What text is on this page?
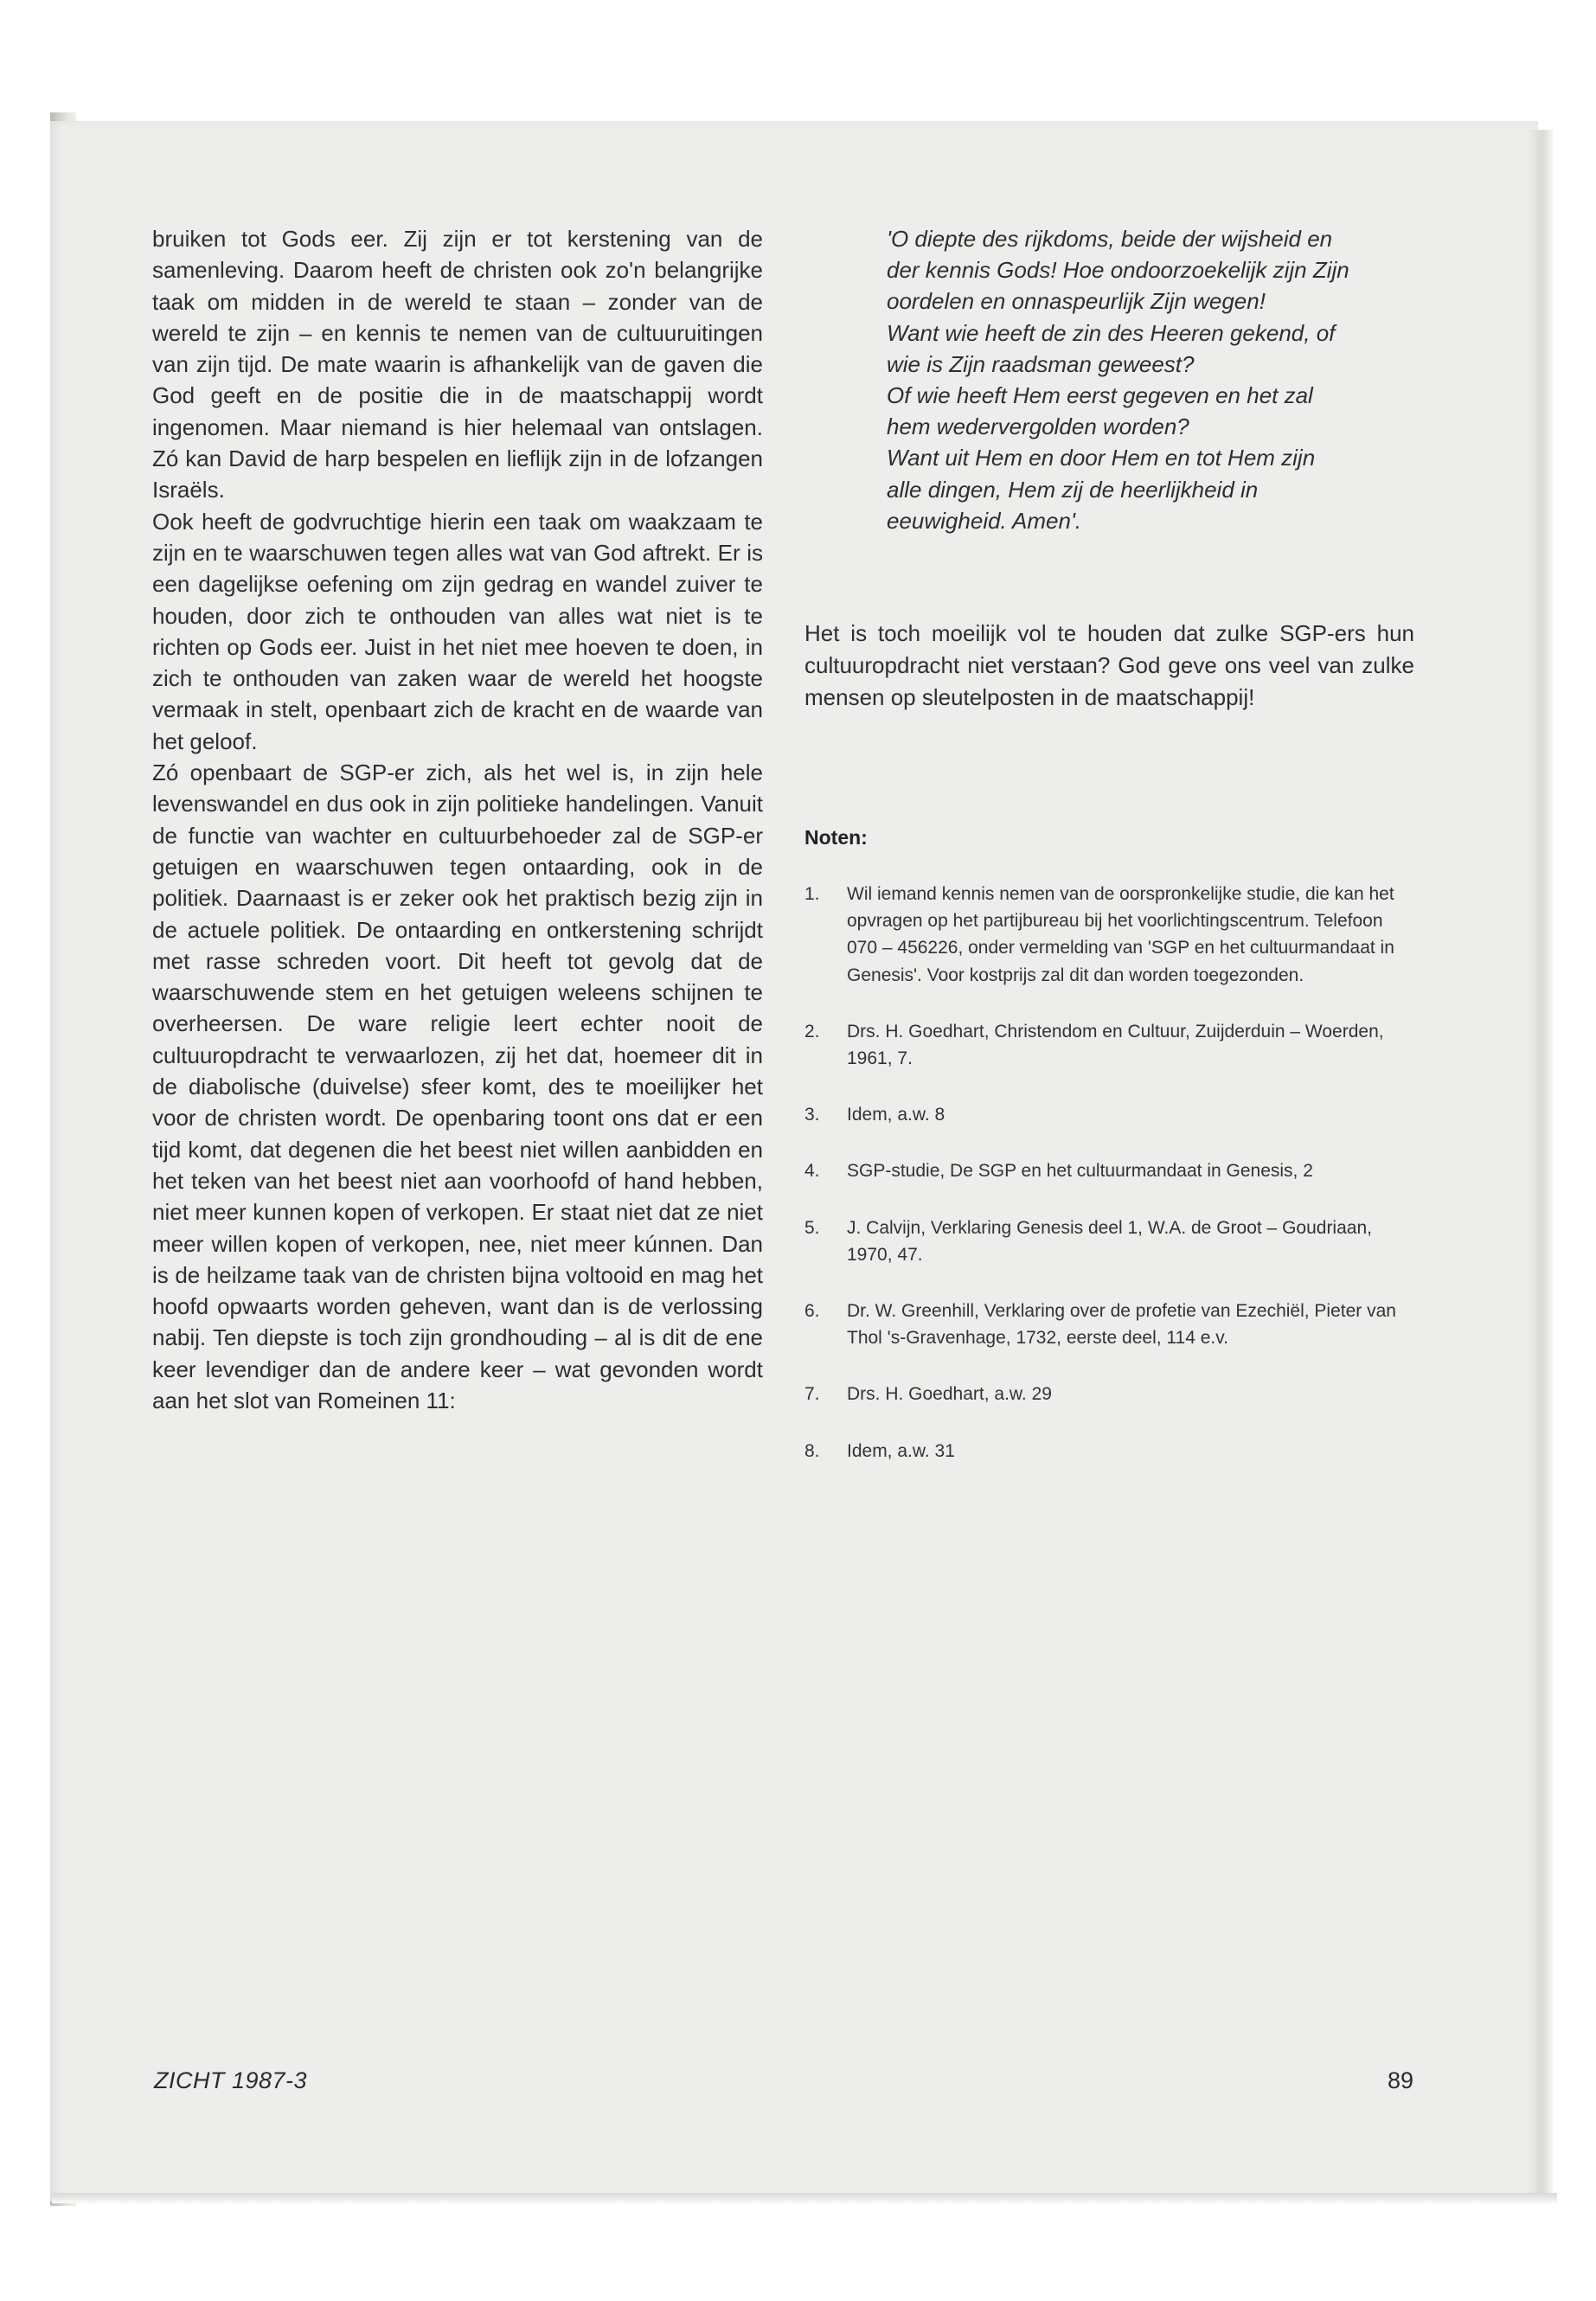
bruiken tot Gods eer. Zij zijn er tot kerstening van de samenleving. Daarom heeft de christen ook zo'n belangrijke taak om midden in de wereld te staan – zonder van de wereld te zijn – en kennis te nemen van de cultuuruitingen van zijn tijd. De mate waarin is afhankelijk van de gaven die God geeft en de positie die in de maatschappij wordt ingenomen. Maar niemand is hier helemaal van ontslagen. Zó kan David de harp bespelen en lieflijk zijn in de lofzangen Israëls.

Ook heeft de godvruchtige hierin een taak om waakzaam te zijn en te waarschuwen tegen alles wat van God aftrekt. Er is een dagelijkse oefening om zijn gedrag en wandel zuiver te houden, door zich te onthouden van alles wat niet is te richten op Gods eer. Juist in het niet mee hoeven te doen, in zich te onthouden van zaken waar de wereld het hoogste vermaak in stelt, openbaart zich de kracht en de waarde van het geloof.

Zó openbaart de SGP-er zich, als het wel is, in zijn hele levenswandel en dus ook in zijn politieke handelingen. Vanuit de functie van wachter en cultuurbehoeder zal de SGP-er getuigen en waarschuwen tegen ontaarding, ook in de politiek. Daarnaast is er zeker ook het praktisch bezig zijn in de actuele politiek. De ontaarding en ontkerstening schrijdt met rasse schreden voort. Dit heeft tot gevolg dat de waarschuwende stem en het getuigen weleens schijnen te overheersen. De ware religie leert echter nooit de cultuuropdracht te verwaarlozen, zij het dat, hoemeer dit in de diabolische (duivelse) sfeer komt, des te moeilijker het voor de christen wordt. De openbaring toont ons dat er een tijd komt, dat degenen die het beest niet willen aanbidden en het teken van het beest niet aan voorhoofd of hand hebben, niet meer kunnen kopen of verkopen. Er staat niet dat ze niet meer willen kopen of verkopen, nee, niet meer kúnnen. Dan is de heilzame taak van de christen bijna voltooid en mag het hoofd opwaarts worden geheven, want dan is de verlossing nabij. Ten diepste is toch zijn grondhouding – al is dit de ene keer levendiger dan de andere keer – wat gevonden wordt aan het slot van Romeinen 11:

'O diepte des rijkdoms, beide der wijsheid en der kennis Gods! Hoe ondoorzoekelijk zijn Zijn oordelen en onnaspeurlijk Zijn wegen!

Want wie heeft de zin des Heeren gekend, of wie is Zijn raadsman geweest?

Of wie heeft Hem eerst gegeven en het zal hem wedervergolden worden?

Want uit Hem en door Hem en tot Hem zijn alle dingen, Hem zij de heerlijkheid in eeuwigheid. Amen'.

Het is toch moeilijk vol te houden dat zulke SGP-ers hun cultuuropdracht niet verstaan? God geve ons veel van zulke mensen op sleutelposten in de maatschappij!

Noten:
1. Wil iemand kennis nemen van de oorspronkelijke studie, die kan het opvragen op het partijbureau bij het voorlichtingscentrum. Telefoon 070 – 456226, onder vermelding van 'SGP en het cultuurmandaat in Genesis'. Voor kostprijs zal dit dan worden toegezonden.
2. Drs. H. Goedhart, Christendom en Cultuur, Zuijderduin – Woerden, 1961, 7.
3. Idem, a.w. 8
4. SGP-studie, De SGP en het cultuurmandaat in Genesis, 2
5. J. Calvijn, Verklaring Genesis deel 1, W.A. de Groot – Goudriaan, 1970, 47.
6. Dr. W. Greenhill, Verklaring over de profetie van Ezechiël, Pieter van Thol 's-Gravenhage, 1732, eerste deel, 114 e.v.
7. Drs. H. Goedhart, a.w. 29
8. Idem, a.w. 31
ZICHT 1987-3	89
